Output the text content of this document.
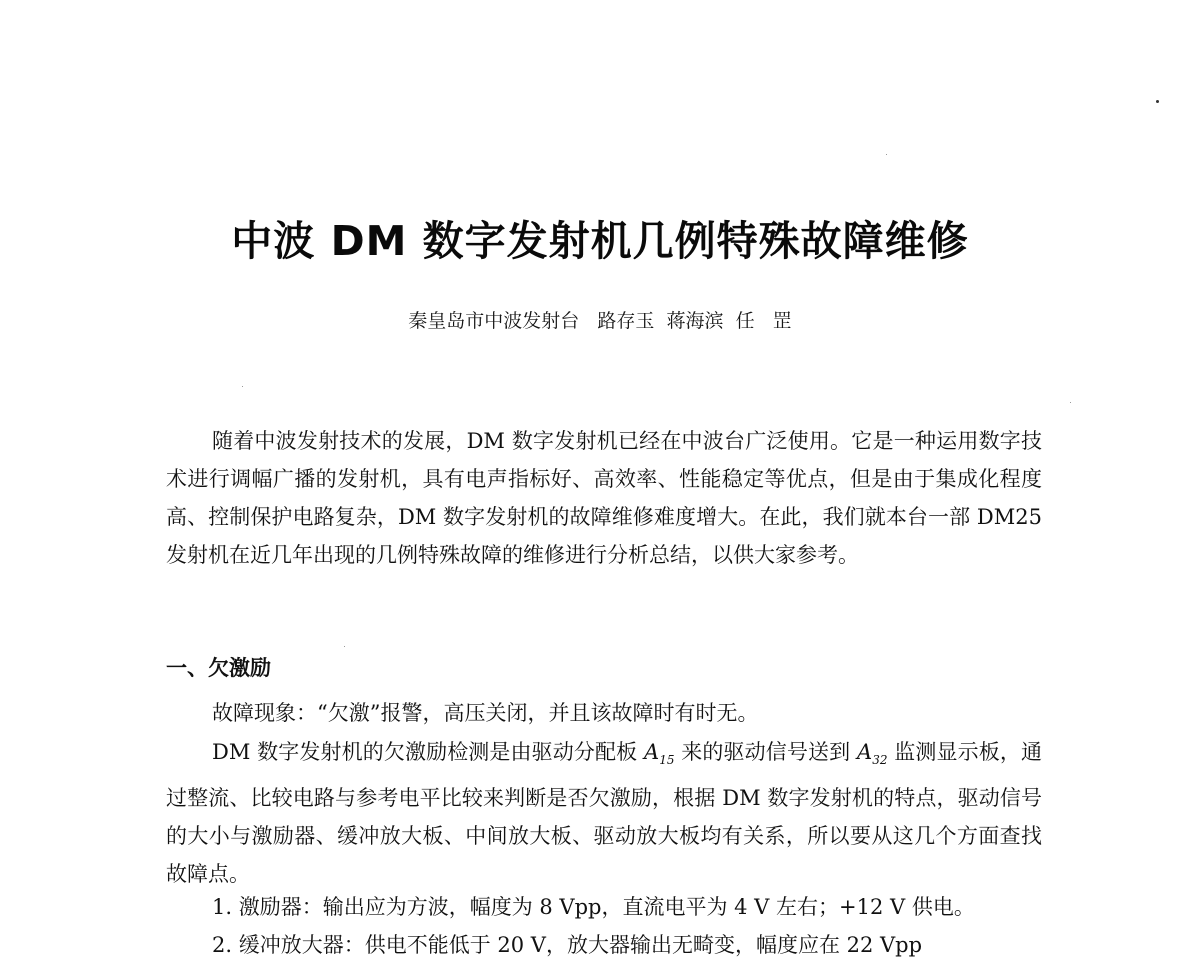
中波 DM 数字发射机几例特殊故障维修
秦皇岛市中波发射台   路存玉  蒋海滨  任   罡

随着中波发射技术的发展，DM 数字发射机已经在中波台广泛使用。它是一种运用数字技术进行调幅广播的发射机，具有电声指标好、高效率、性能稳定等优点，但是由于集成化程度高、控制保护电路复杂，DM 数字发射机的故障维修难度增大。在此，我们就本台一部 DM25 发射机在近几年出现的几例特殊故障的维修进行分析总结，以供大家参考。

一、欠激励

故障现象：“欠激”报警，高压关闭，并且该故障时有时无。

DM 数字发射机的欠激励检测是由驱动分配板 $A_{15}$ 来的驱动信号送到 $A_{32}$ 监测显示板，通过整流、比较电路与参考电平比较来判断是否欠激励，根据 DM 数字发射机的特点，驱动信号的大小与激励器、缓冲放大板、中间放大板、驱动放大板均有关系，所以要从这几个方面查找故障点。

1. 激励器：输出应为方波，幅度为 8 Vpp，直流电平为 4 V 左右；+12 V 供电。

2. 缓冲放大器：供电不能低于 20 V，放大器输出无畸变，幅度应在 22 Vpp
